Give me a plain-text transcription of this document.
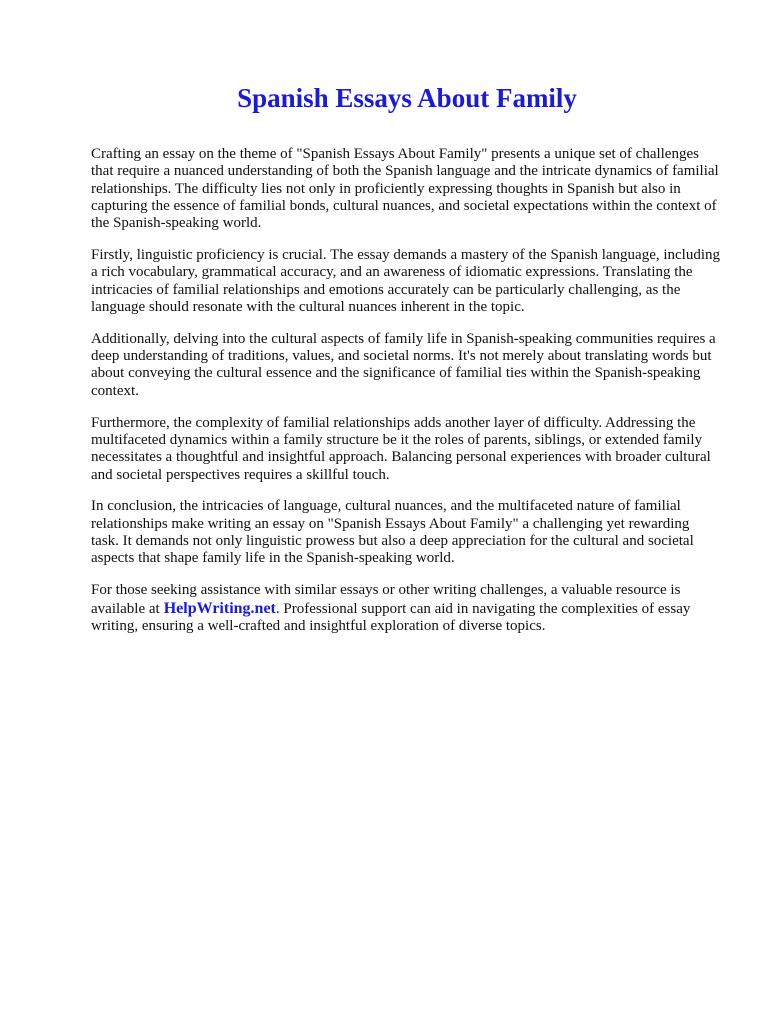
Spanish Essays About Family

Crafting an essay on the theme of "Spanish Essays About Family" presents a unique set of challenges that require a nuanced understanding of both the Spanish language and the intricate dynamics of familial relationships. The difficulty lies not only in proficiently expressing thoughts in Spanish but also in capturing the essence of familial bonds, cultural nuances, and societal expectations within the context of the Spanish-speaking world.

Firstly, linguistic proficiency is crucial. The essay demands a mastery of the Spanish language, including a rich vocabulary, grammatical accuracy, and an awareness of idiomatic expressions. Translating the intricacies of familial relationships and emotions accurately can be particularly challenging, as the language should resonate with the cultural nuances inherent in the topic.

Additionally, delving into the cultural aspects of family life in Spanish-speaking communities requires a deep understanding of traditions, values, and societal norms. It's not merely about translating words but about conveying the cultural essence and the significance of familial ties within the Spanish-speaking context.

Furthermore, the complexity of familial relationships adds another layer of difficulty. Addressing the multifaceted dynamics within a family structure be it the roles of parents, siblings, or extended family necessitates a thoughtful and insightful approach. Balancing personal experiences with broader cultural and societal perspectives requires a skillful touch.

In conclusion, the intricacies of language, cultural nuances, and the multifaceted nature of familial relationships make writing an essay on "Spanish Essays About Family" a challenging yet rewarding task. It demands not only linguistic prowess but also a deep appreciation for the cultural and societal aspects that shape family life in the Spanish-speaking world.

For those seeking assistance with similar essays or other writing challenges, a valuable resource is available at HelpWriting.net. Professional support can aid in navigating the complexities of essay writing, ensuring a well-crafted and insightful exploration of diverse topics.
